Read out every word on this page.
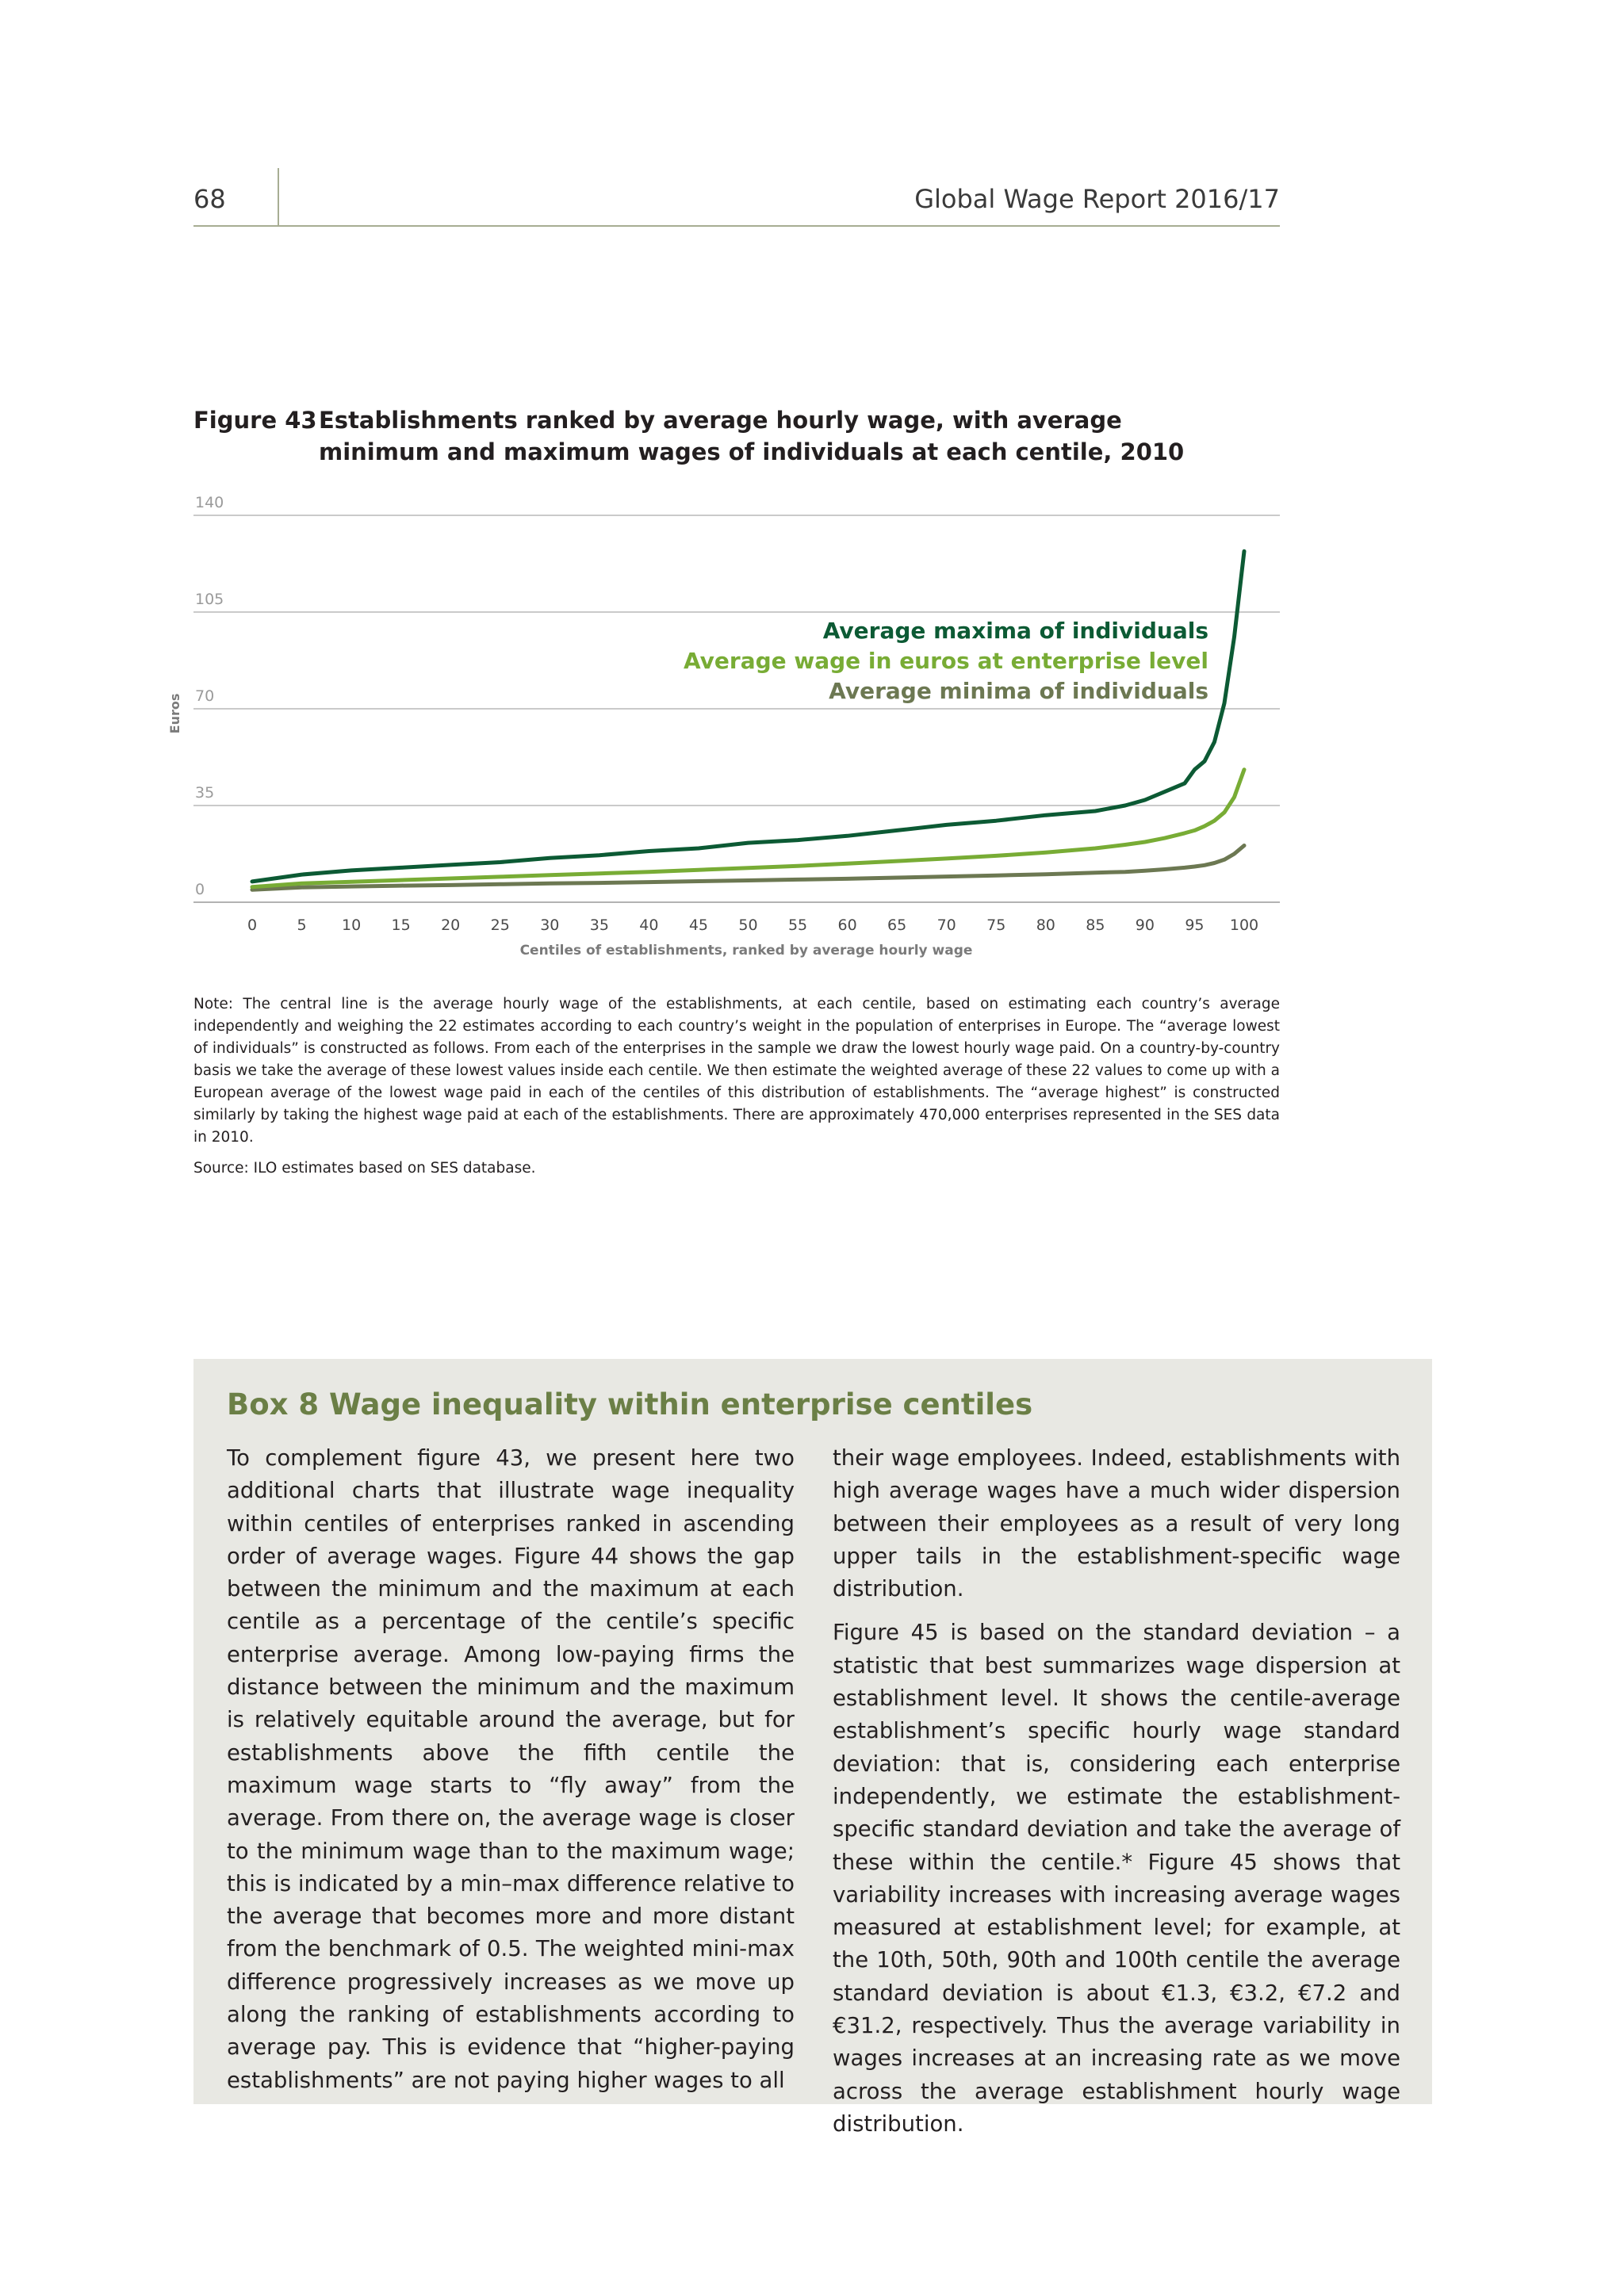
68	Global Wage Report 2016/17
Figure 43 Establishments ranked by average hourly wage, with average minimum and maximum wages of individuals at each centile, 2010
0
35
70
105
140
0	5 10 15 20 25 30 35 40 45 50 55 60 65 70 75 80 85 90 95 100
Average maxima of individuals
Average wage in euros at enterprise level
Average minima of individuals
Euros
Centiles of establishments, ranked by average hourly wage
Note: The central line is the average hourly wage of the establishments, at each centile, based on estimating each country’s average independently and weighing the 22 estimates according to each country’s weight in the population of enterprises in Europe. The “average lowest of individuals” is constructed as follows. From each of the enterprises in the sample we draw the lowest hourly wage paid. On a country-by-country basis we take the average of these lowest values inside each centile. We then estimate the weighted average of these 22 values to come up with a European average of the lowest wage paid in each of the centiles of this distribution of establishments. The “average highest” is constructed similarly by taking the highest wage paid at each of the establishments. There are approximately 470,000 enterprises represented in the SES data in 2010.
Source: ILO estimates based on SES database.
Box 8 Wage inequality within enterprise centiles

To complement figure 43, we present here two additional charts that illustrate wage inequality within centiles of enterprises ranked in ascending order of average wages. Figure 44 shows the gap between the minimum and the maximum at each centile as a percentage of the centile’s specific enterprise average. Among low-paying firms the distance between the minimum and the maximum is relatively equitable around the average, but for establishments above the fifth centile the maximum wage starts to “fly away” from the average. From there on, the average wage is closer to the minimum wage than to the maximum wage; this is indicated by a min–max difference relative to the average that becomes more and more distant from the benchmark of 0.5. The weighted mini-max difference progressively increases as we move up along the ranking of establishments according to average pay. This is evidence that “higher-paying establishments” are not paying higher wages to all

their wage employees. Indeed, establishments with high average wages have a much wider dispersion between their employees as a result of very long upper tails in the establishment-specific wage distribution.

Figure 45 is based on the standard deviation – a statistic that best summarizes wage dispersion at establishment level. It shows the centile-average establishment’s specific hourly wage standard deviation: that is, considering each enterprise independently, we estimate the establishment-specific standard deviation and take the average of these within the centile.* Figure 45 shows that variability increases with increasing average wages measured at establishment level; for example, at the 10th, 50th, 90th and 100th centile the average standard deviation is about €1.3, €3.2, €7.2 and €31.2, respectively. Thus the average variability in wages increases at an increasing rate as we move across the average establishment hourly wage distribution.
